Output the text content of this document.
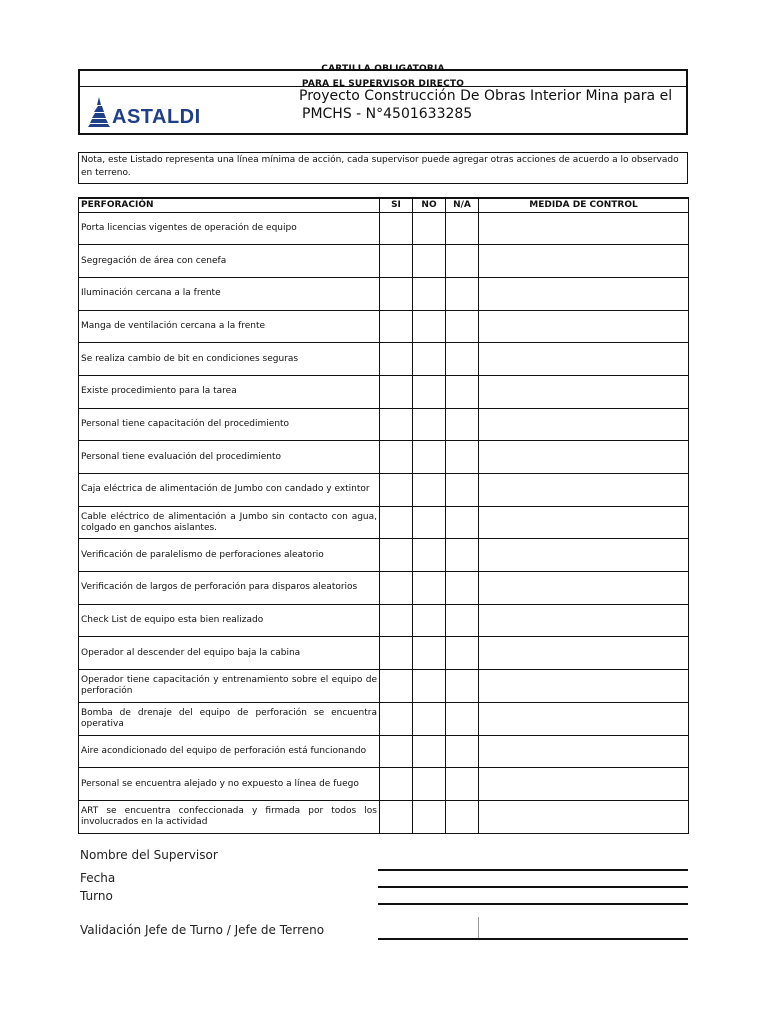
CARTILLA OBLIGATORIA
PARA EL SUPERVISOR DIRECTO
ASTALDI
Proyecto Construcción De Obras Interior Mina para el
PMCHS - N°4501633285
Nota, este Listado representa una línea mínima de acción, cada supervisor puede agregar otras acciones de acuerdo a lo observado en terreno.
PERFORACIÓN	SI	NO	N/A	MEDIDA DE CONTROL
Porta licencias vigentes de operación de equipo				
Segregación de área con cenefa				
Iluminación cercana a la frente				
Manga de ventilación cercana a la frente				
Se realiza cambio de bit en condiciones seguras				
Existe procedimiento para la tarea				
Personal tiene capacitación del procedimiento				
Personal tiene evaluación del procedimiento				
Caja eléctrica de alimentación de Jumbo con candado y extintor				
Cable eléctrico de alimentación a Jumbo sin contacto con agua, colgado en ganchos aislantes.				
Verificación de paralelismo de perforaciones aleatorio				
Verificación de largos de perforación para disparos aleatorios				
Check List de equipo esta bien realizado				
Operador al descender del equipo baja la cabina				
Operador tiene capacitación y entrenamiento sobre el equipo de perforación				
Bomba de drenaje del equipo de perforación se encuentra operativa				
Aire acondicionado del equipo de perforación está funcionando				
Personal se encuentra alejado y no expuesto a línea de fuego				
ART se encuentra confeccionada y firmada por todos los involucrados en la actividad				
Nombre del Supervisor
Fecha
Turno
Validación Jefe de Turno / Jefe de Terreno
